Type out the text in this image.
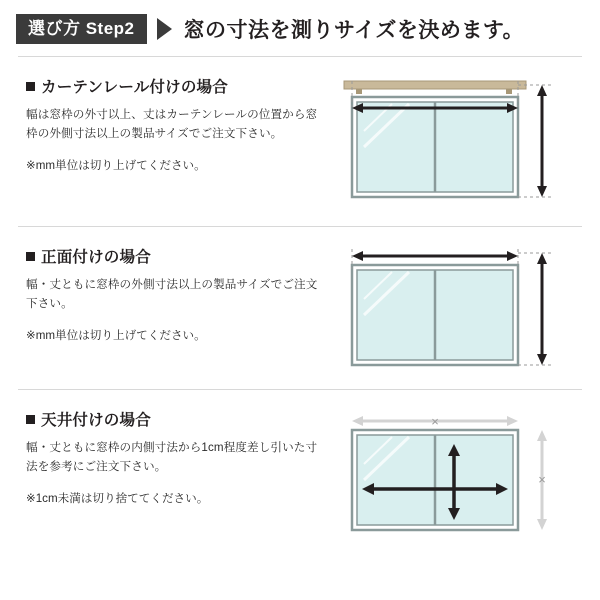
選び方 Step2	窓の寸法を測りサイズを決めます。
カーテンレール付けの場合
幅は窓枠の外寸以上、丈はカーテンレールの位置から窓枠の外側寸法以上の製品サイズでご注文下さい。
※mm単位は切り上げてください。
正面付けの場合
幅・丈ともに窓枠の外側寸法以上の製品サイズでご注文下さい。
※mm単位は切り上げてください。
天井付けの場合
幅・丈ともに窓枠の内側寸法から1cm程度差し引いた寸法を参考にご注文下さい。
※1cm未満は切り捨ててください。
×
×
